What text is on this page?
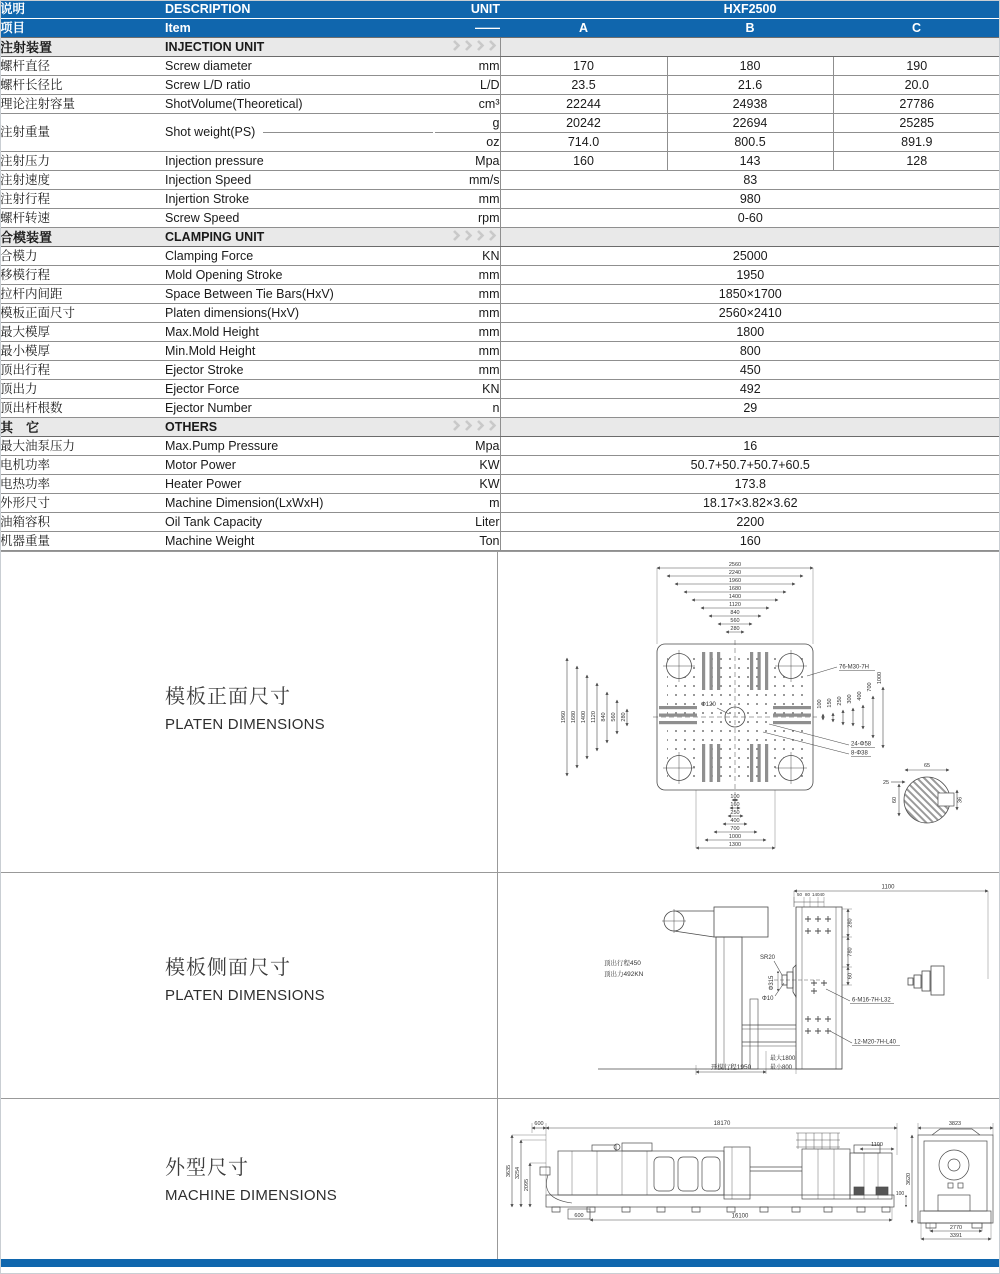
说明	DESCRIPTION	UNIT	HXF2500		
项目	Item	——	A	B	C
注射装置	INJECTION UNIT		
螺杆直径	Screw diameter	mm	170	180	190
螺杆长径比	Screw L/D ratio	L/D	23.5	21.6	20.0
理论注射容量	ShotVolume(Theoretical)	cm³	22244	24938	27786
注射重量	Shot weight(PS)	g	20242	22694	25285
		oz	714.0	800.5	891.9
注射压力	Injection pressure	Mpa	160	143	128
注射速度	Injection Speed	mm/s	83		
注射行程	Injertion Stroke	mm	980		
螺杆转速	Screw Speed	rpm	0-60		
合模装置	CLAMPING UNIT		
合模力	Clamping Force	KN	25000		
移模行程	Mold Opening Stroke	mm	1950		
拉杆内间距	Space Between Tie Bars(HxV)	mm	1850×1700		
模板正面尺寸	Platen dimensions(HxV)	mm	2560×2410		
最大模厚	Max.Mold Height	mm	1800		
最小模厚	Min.Mold Height	mm	800		
顶出行程	Ejector Stroke	mm	450		
顶出力	Ejector Force	KN	492		
顶出杆根数	Ejector Number	n	29		
其　它	OTHERS		
最大油泵压力	Max.Pump Pressure	Mpa	16		
电机功率	Motor Power	KW	50.7+50.7+50.7+60.5		
电热功率	Heater Power	KW	173.8		
外形尺寸	Machine Dimension(LxWxH)	m	18.17×3.82×3.62		
油箱容积	Oil Tank Capacity	Liter	2200		
机器重量	Machine Weight	Ton	160		
模板正面尺寸
PLATEN DIMENSIONS
2560
2240
1960
1680
1400
1120
840
560
280
1960 1680 1400 1120 840 560 280
100 150 250 300 400
700
1000
100
160
250
400
700
1000
1300
76-M30-7H
Φ120
24-Φ58
8-Φ38
65
25
60	36
模板侧面尺寸
PLATEN DIMENSIONS
1100
50 80 140 40
280
780
60
SR20
Φ315
Φ10
顶出行程450
顶出力492KN
6-M16-7H-L32
12-M20-7H-L40
开模行程1950
最大1800
最小800
外型尺寸
MACHINE DIMENSIONS
600	18170
1100
3635 3254
2095
600	16100
3823
3620
100
2770
3391
